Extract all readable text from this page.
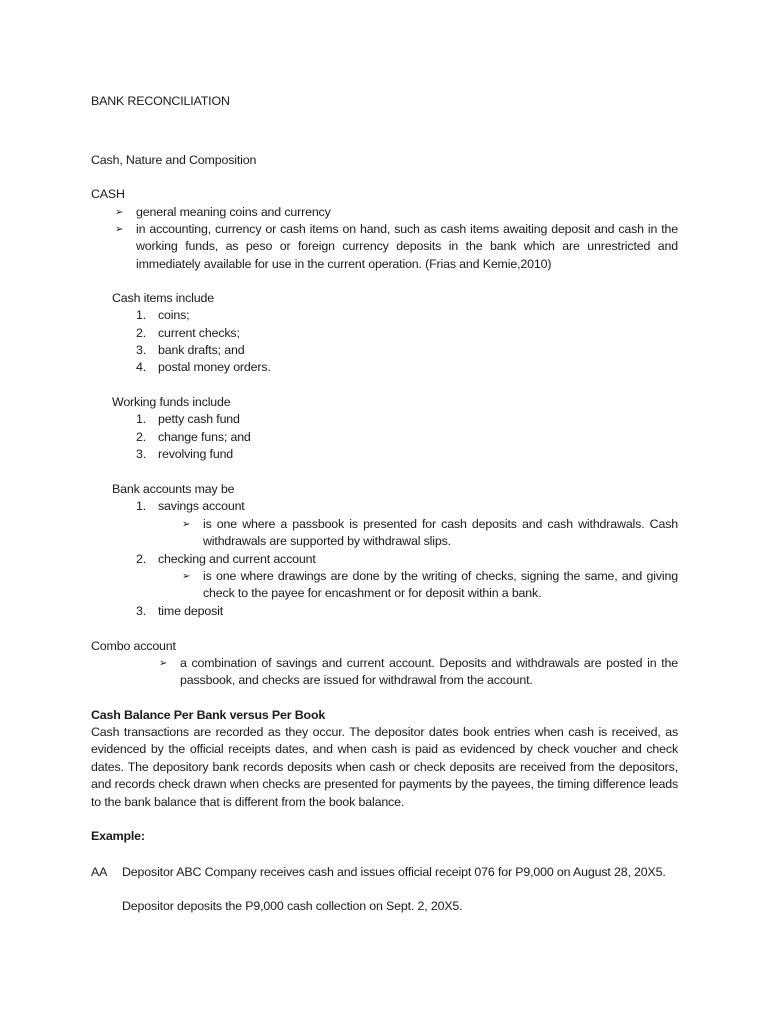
BANK RECONCILIATION

Cash, Nature and Composition

CASH

➢ general meaning coins and currency

➢ in accounting, currency or cash items on hand, such as cash items awaiting deposit and cash in the working funds, as peso or foreign currency deposits in the bank which are unrestricted and immediately available for use in the current operation. (Frias and Kemie,2010)

Cash items include

1. coins;
2. current checks;
3. bank drafts; and
4. postal money orders.

Working funds include

1. petty cash fund
2. change funs; and
3. revolving fund

Bank accounts may be

1. savings account
➢ is one where a passbook is presented for cash deposits and cash withdrawals. Cash withdrawals are supported by withdrawal slips.

2. checking and current account
➢ is one where drawings are done by the writing of checks, signing the same, and giving check to the payee for encashment or for deposit within a bank.

3. time deposit

Combo account

➢ a combination of savings and current account. Deposits and withdrawals are posted in the passbook, and checks are issued for withdrawal from the account.

Cash Balance Per Bank versus Per Book

Cash transactions are recorded as they occur. The depositor dates book entries when cash is received, as evidenced by the official receipts dates, and when cash is paid as evidenced by check voucher and check dates. The depository bank records deposits when cash or check deposits are received from the depositors, and records check drawn when checks are presented for payments by the payees, the timing difference leads to the bank balance that is different from the book balance.

Example:

AA Depositor ABC Company receives cash and issues official receipt 076 for P9,000 on August 28, 20X5.

Depositor deposits the P9,000 cash collection on Sept. 2, 20X5.
